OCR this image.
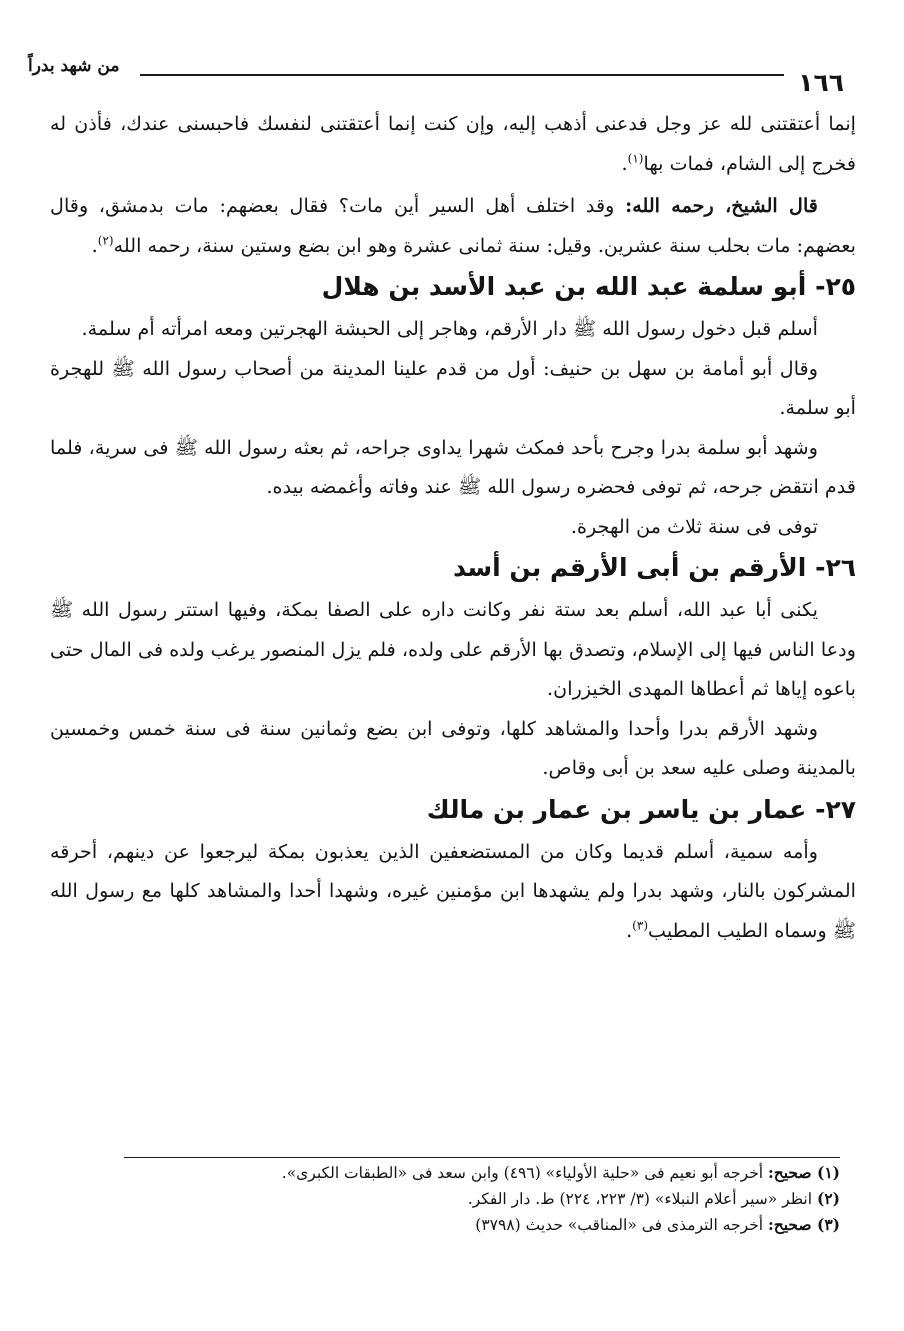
١٦٦
من شهد بدراً

إنما أعتقتنى لله عز وجل فدعنى أذهب إليه، وإن كنت إنما أعتقتنى لنفسك فاحبسنى عندك، فأذن له فخرج إلى الشام، فمات بها$^{(١)}$.

قال الشيخ، رحمه الله: وقد اختلف أهل السير أين مات؟ فقال بعضهم: مات بدمشق، وقال بعضهم: مات بحلب سنة عشرين. وقيل: سنة ثمانى عشرة وهو ابن بضع وستين سنة، رحمه الله$^{(٢)}$.

٢٥- أبو سلمة عبد الله بن عبد الأسد بن هلال

أسلم قبل دخول رسول الله ﷺ دار الأرقم، وهاجر إلى الحبشة الهجرتين ومعه امرأته أم سلمة.

وقال أبو أمامة بن سهل بن حنيف: أول من قدم علينا المدينة من أصحاب رسول الله ﷺ للهجرة أبو سلمة.

وشهد أبو سلمة بدرا وجرح بأحد فمكث شهرا يداوى جراحه، ثم بعثه رسول الله ﷺ فى سرية، فلما قدم انتقض جرحه، ثم توفى فحضره رسول الله ﷺ عند وفاته وأغمضه بيده.

توفى فى سنة ثلاث من الهجرة.

٢٦- الأرقم بن أبى الأرقم بن أسد

يكنى أبا عبد الله، أسلم بعد ستة نفر وكانت داره على الصفا بمكة، وفيها استتر رسول الله ﷺ ودعا الناس فيها إلى الإسلام، وتصدق بها الأرقم على ولده، فلم يزل المنصور يرغب ولده فى المال حتى باعوه إياها ثم أعطاها المهدى الخيزران.

وشهد الأرقم بدرا وأحدا والمشاهد كلها، وتوفى ابن بضع وثمانين سنة فى سنة خمس وخمسين بالمدينة وصلى عليه سعد بن أبى وقاص.

٢٧- عمار بن ياسر بن عمار بن مالك

وأمه سمية، أسلم قديما وكان من المستضعفين الذين يعذبون بمكة ليرجعوا عن دينهم، أحرقه المشركون بالنار، وشهد بدرا ولم يشهدها ابن مؤمنين غيره، وشهدا أحدا والمشاهد كلها مع رسول الله ﷺ وسماه الطيب المطيب$^{(٣)}$.

(١) صحيح: أخرجه أبو نعيم فى «حلية الأولياء» (٤٩٦) وابن سعد فى «الطبقات الكبرى».

(٢) انظر «سير أعلام النبلاء» (٣/ ٢٢٣، ٢٢٤) ط. دار الفكر.

(٣) صحيح: أخرجه الترمذى فى «المناقب» حديث (٣٧٩٨)
